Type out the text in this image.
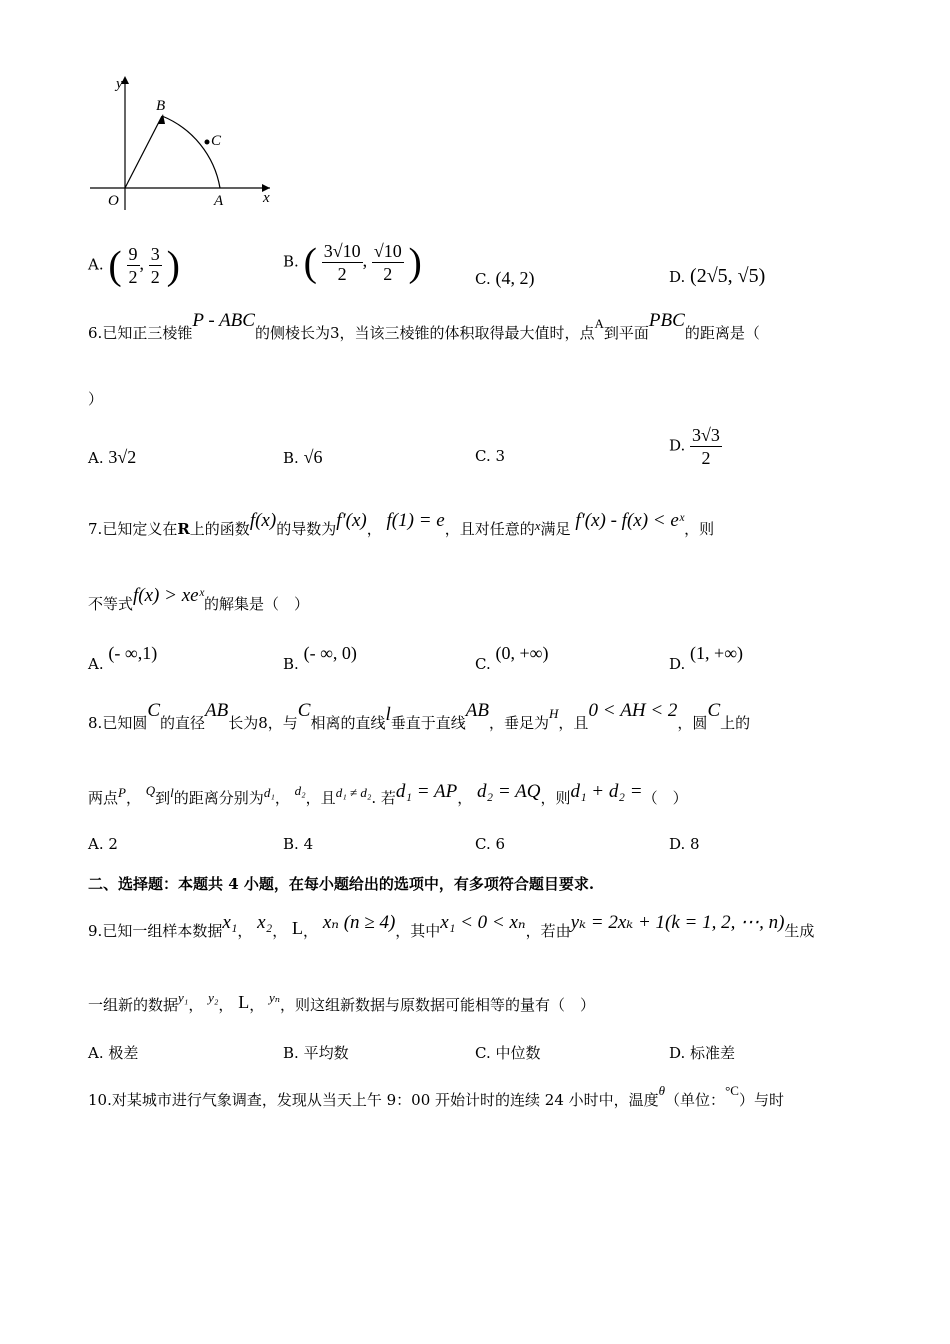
y
x
O	A
B
C
A. ( $\frac{9}{2}$ , $\frac{3}{2}$ )	B. ( $\frac{3√10}{2}$ , $\frac{√10}{2}$ )	C. (4, 2)	D. (2√5, √5)
6.已知正三棱锥P - ABC的侧棱长为3，当该三棱锥的体积取得最大值时，点A到平面PBC的距离是（
）
A. 3√2	B. √6	C. 3
D. $\frac{3√3}{2}$
7.已知定义在R上的函数f(x)的导数为f′(x)， f(1) = e，且对任意的x满足 f′(x) - f(x) < eˣ，则
不等式f(x) > xeˣ的解集是（　）
A. (- ∞,1)
B. (- ∞, 0)
C. (0, +∞)
D. (1, +∞)
8.已知圆C的直径AB长为8，与C相离的直线l垂直于直线AB，垂足为H，且0 < AH < 2，圆C上的
两点P， Q到l的距离分别为d₁， d₂，且d₁ ≠ d₂. 若d₁ = AP， d₂ = AQ，则d₁ + d₂ =（　）
A. 2	B. 4	C. 6	D. 8
二、选择题：本题共 4 小题，在每小题给出的选项中，有多项符合题目要求.
9.已知一组样本数据x₁， x₂， L， xₙ (n ≥ 4)，其中x₁ < 0 < xₙ，若由yₖ = 2xₖ + 1(k = 1, 2, ⋯, n)生成
一组新的数据y₁， y₂， L， yₙ，则这组新数据与原数据可能相等的量有（　）
A. 极差	B. 平均数	C. 中位数	D. 标准差
10.对某城市进行气象调查，发现从当天上午 9：00 开始计时的连续 24 小时中，温度θ（单位：°C）与时
